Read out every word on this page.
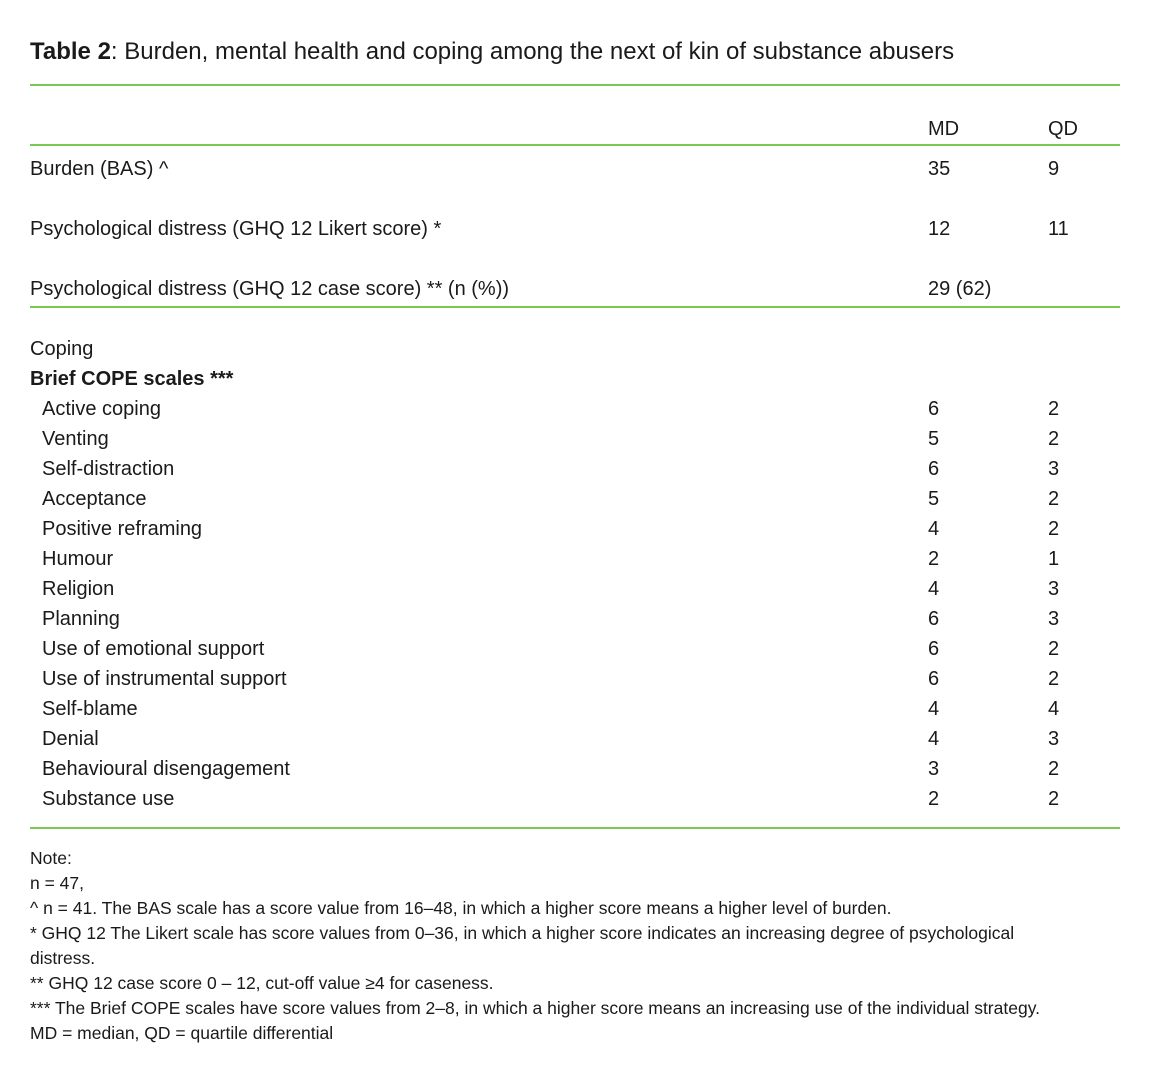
Table 2: Burden, mental health and coping among the next of kin of substance abusers
MD	QD
Burden (BAS) ^	35	9
Psychological distress (GHQ 12 Likert score) *	12	11
Psychological distress (GHQ 12 case score) ** (n (%))	29 (62)
Coping
Brief COPE scales ***
Active coping	6	2
Venting	5	2
Self-distraction	6	3
Acceptance	5	2
Positive reframing	4	2
Humour	2	1
Religion	4	3
Planning	6	3
Use of emotional support	6	2
Use of instrumental support	6	2
Self-blame	4	4
Denial	4	3
Behavioural disengagement	3	2
Substance use	2	2
Note:
n = 47,
^ n = 41. The BAS scale has a score value from 16–48, in which a higher score means a higher level of burden.
* GHQ 12 The Likert scale has score values from 0–36, in which a higher score indicates an increasing degree of psychological
distress.
** GHQ 12 case score 0 – 12, cut-off value ≥4 for caseness.
*** The Brief COPE scales have score values from 2–8, in which a higher score means an increasing use of the individual strategy.
MD = median, QD = quartile differential
